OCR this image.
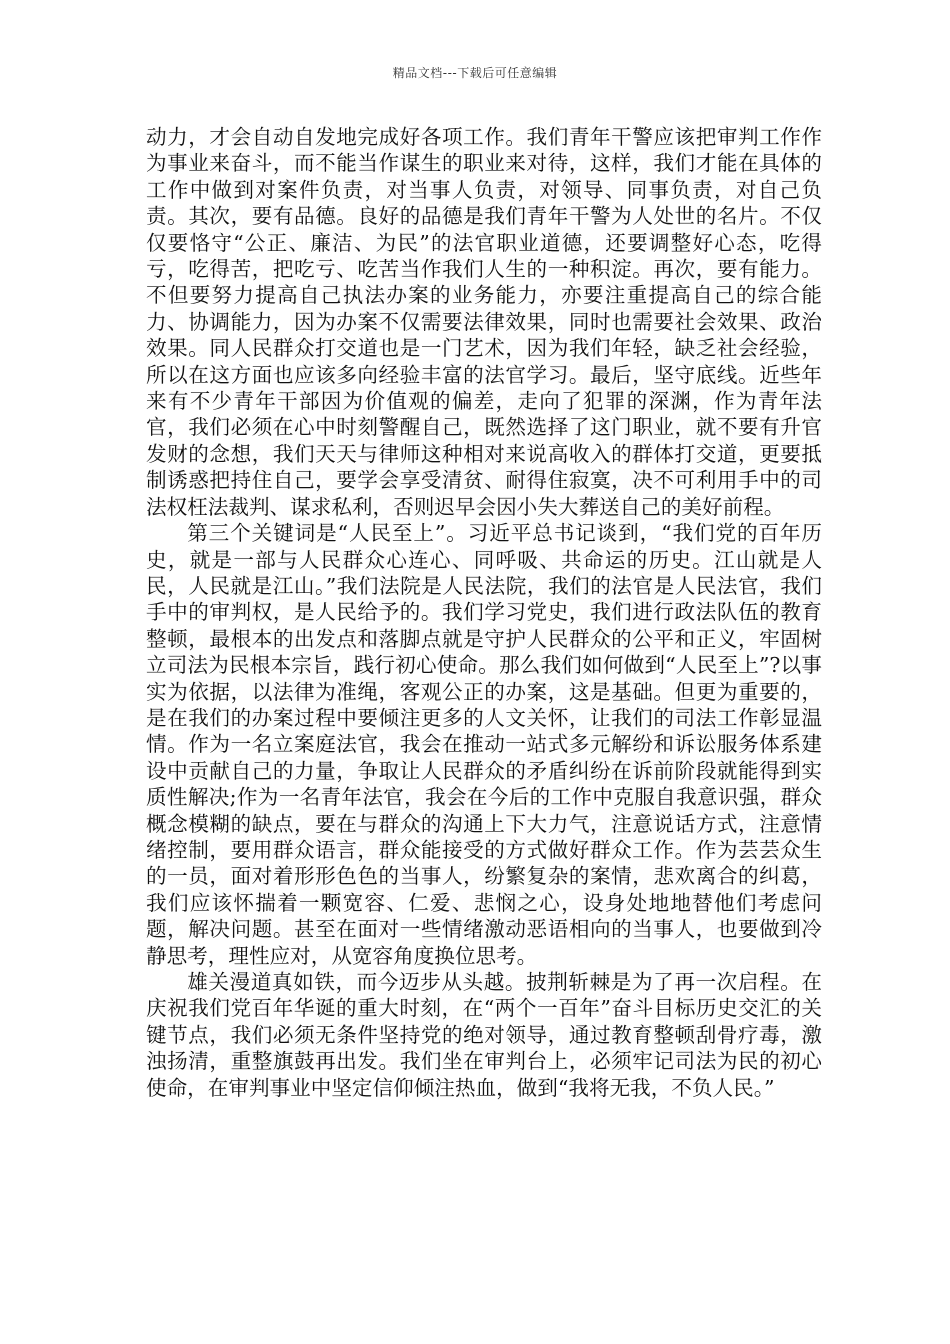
精品文档---下载后可任意编辑

动力，才会自动自发地完成好各项工作。我们青年干警应该把审判工作作为事业来奋斗，而不能当作谋生的职业来对待，这样，我们才能在具体的工作中做到对案件负责，对当事人负责，对领导、同事负责，对自己负责。其次，要有品德。良好的品德是我们青年干警为人处世的名片。不仅仅要恪守“公正、廉洁、为民”的法官职业道德，还要调整好心态，吃得亏，吃得苦，把吃亏、吃苦当作我们人生的一种积淀。再次，要有能力。不但要努力提高自己执法办案的业务能力，亦要注重提高自己的综合能力、协调能力，因为办案不仅需要法律效果，同时也需要社会效果、政治效果。同人民群众打交道也是一门艺术，因为我们年轻，缺乏社会经验，所以在这方面也应该多向经验丰富的法官学习。最后，坚守底线。近些年来有不少青年干部因为价值观的偏差，走向了犯罪的深渊，作为青年法官，我们必须在心中时刻警醒自己，既然选择了这门职业，就不要有升官发财的念想，我们天天与律师这种相对来说高收入的群体打交道，更要抵制诱惑把持住自己，要学会享受清贫、耐得住寂寞，决不可利用手中的司法权枉法裁判、谋求私利，否则迟早会因小失大葬送自己的美好前程。

第三个关键词是“人民至上”。习近平总书记谈到，“我们党的百年历史，就是一部与人民群众心连心、同呼吸、共命运的历史。江山就是人民，人民就是江山。”我们法院是人民法院，我们的法官是人民法官，我们手中的审判权，是人民给予的。我们学习党史，我们进行政法队伍的教育整顿，最根本的出发点和落脚点就是守护人民群众的公平和正义，牢固树立司法为民根本宗旨，践行初心使命。那么我们如何做到“人民至上”?以事实为依据，以法律为准绳，客观公正的办案，这是基础。但更为重要的，是在我们的办案过程中要倾注更多的人文关怀，让我们的司法工作彰显温情。作为一名立案庭法官，我会在推动一站式多元解纷和诉讼服务体系建设中贡献自己的力量，争取让人民群众的矛盾纠纷在诉前阶段就能得到实质性解决;作为一名青年法官，我会在今后的工作中克服自我意识强，群众概念模糊的缺点，要在与群众的沟通上下大力气，注意说话方式，注意情绪控制，要用群众语言，群众能接受的方式做好群众工作。作为芸芸众生的一员，面对着形形色色的当事人，纷繁复杂的案情，悲欢离合的纠葛，我们应该怀揣着一颗宽容、仁爱、悲悯之心，设身处地地替他们考虑问题，解决问题。甚至在面对一些情绪激动恶语相向的当事人，也要做到冷静思考，理性应对，从宽容角度换位思考。

雄关漫道真如铁，而今迈步从头越。披荆斩棘是为了再一次启程。在庆祝我们党百年华诞的重大时刻，在“两个一百年”奋斗目标历史交汇的关键节点，我们必须无条件坚持党的绝对领导，通过教育整顿刮骨疗毒，激浊扬清，重整旗鼓再出发。我们坐在审判台上，必须牢记司法为民的初心使命，在审判事业中坚定信仰倾注热血，做到“我将无我，不负人民。”
